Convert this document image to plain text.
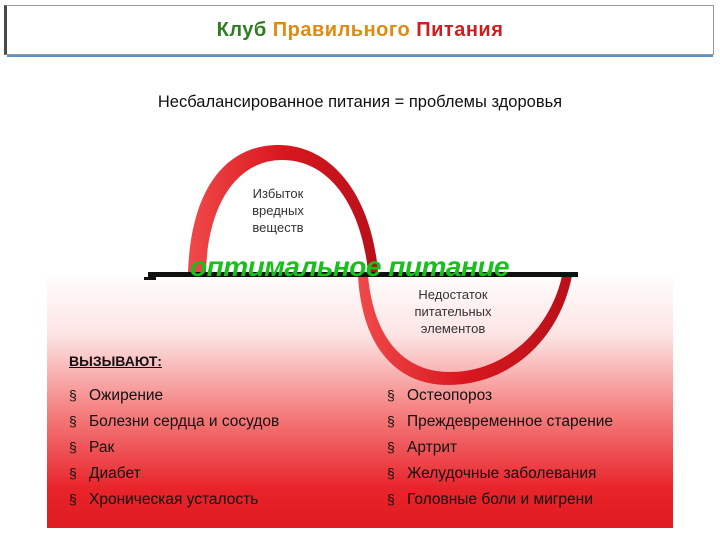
Клуб Правильного Питания
Несбалансированное питания = проблемы здоровья
оптимальное питание
Избыток вредных веществ
Недостаток питательных элементов
ВЫЗЫВАЮТ:
§ Ожирение
§ Болезни сердца и сосудов
§ Рак
§ Диабет
§ Хроническая усталость
§ Остеопороз
§ Преждевременное старение
§ Артрит
§ Желудочные заболевания
§ Головные боли и мигрени
